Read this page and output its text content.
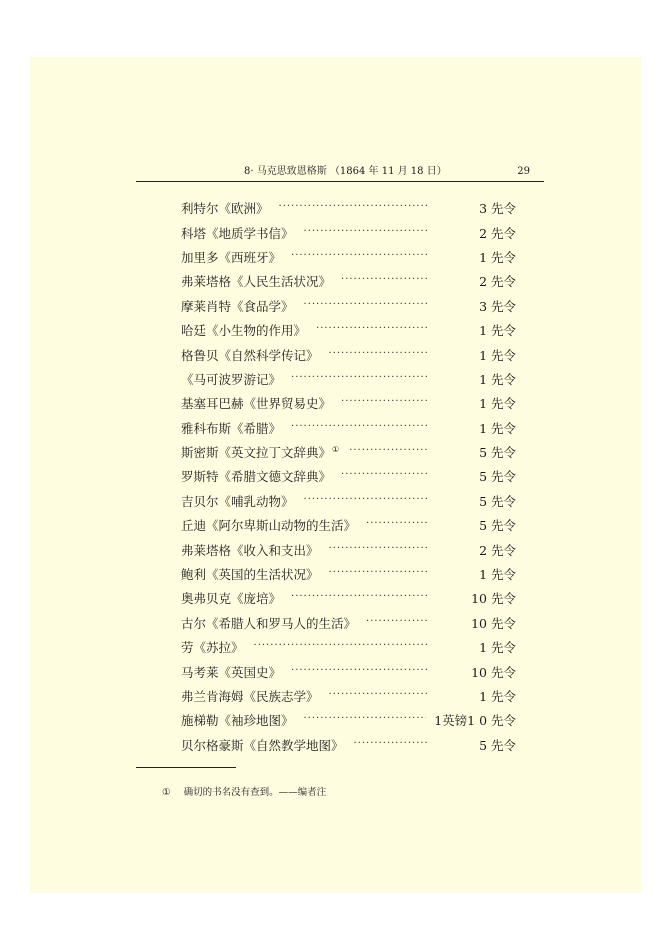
8· 马克思致恩格斯 （1864 年 11 月 18 日）	29
利特尔《欧洲》 ·····	3 先令
科塔《地质学书信》 ·····	2 先令
加里多《西班牙》 ·····	1 先令
弗莱塔格《人民生活状况》 ·····	2 先令
摩莱肖特《食品学》 ·····	3 先令
哈廷《小生物的作用》 ·····	1 先令
格鲁贝《自然科学传记》 ·····	1 先令
《马可波罗游记》 ·····	1 先令
基塞耳巴赫《世界贸易史》 ·····	1 先令
雅科布斯《希腊》 ·····	1 先令
斯密斯《英文拉丁文辞典》① ·····	5 先令
罗斯特《希腊文德文辞典》 ·····	5 先令
吉贝尔《哺乳动物》 ·····	5 先令
丘迪《阿尔卑斯山动物的生活》 ·····	5 先令
弗莱塔格《收入和支出》 ·····	2 先令
鲍利《英国的生活状况》 ·····	1 先令
奥弗贝克《庞培》 ·····	10 先令
古尔《希腊人和罗马人的生活》 ·····	10 先令
劳《苏拉》 ·····	1 先令
马考莱《英国史》 ·····	10 先令
弗兰肯海姆《民族志学》 ·····	1 先令
施梯勒《袖珍地图》 ·····	1英镑1 0 先令
贝尔格豪斯《自然教学地图》 ·····	5 先令
① 确切的书名没有查到。——编者注
